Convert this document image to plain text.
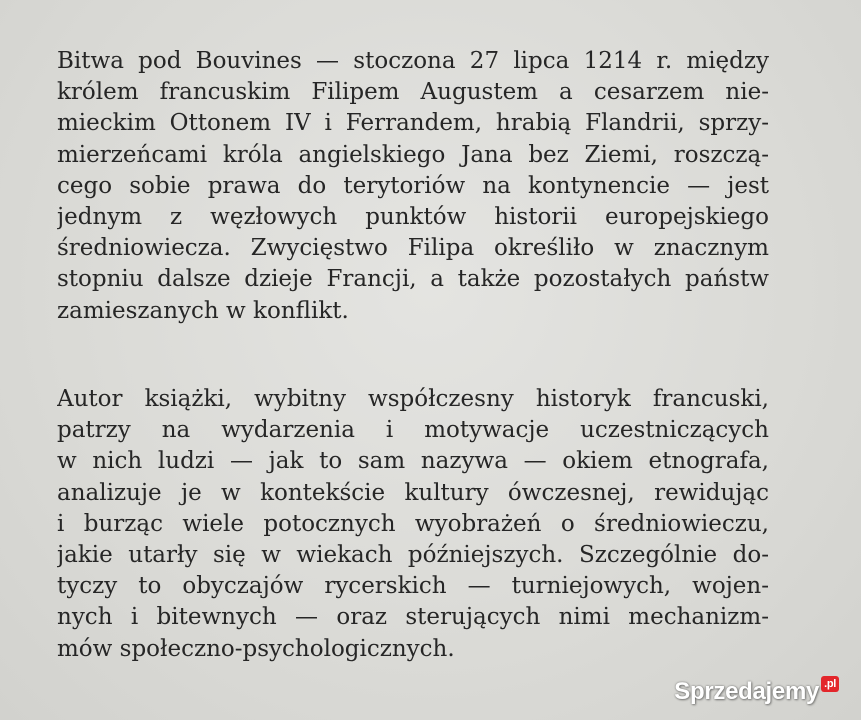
Bitwa pod Bouvines — stoczona 27 lipca 1214 r. między
królem francuskim Filipem Augustem a cesarzem nie-
mieckim Ottonem IV i Ferrandem, hrabią Flandrii, sprzy-
mierzeńcami króla angielskiego Jana bez Ziemi, roszczą-
cego sobie prawa do terytoriów na kontynencie — jest
jednym z węzłowych punktów historii europejskiego
średniowiecza. Zwycięstwo Filipa określiło w znacznym
stopniu dalsze dzieje Francji, a także pozostałych państw
zamieszanych w konflikt.

Autor książki, wybitny współczesny historyk francuski,
patrzy na wydarzenia i motywacje uczestniczących
w nich ludzi — jak to sam nazywa — okiem etnografa,
analizuje je w kontekście kultury ówczesnej, rewidując
i burząc wiele potocznych wyobrażeń o średniowieczu,
jakie utarły się w wiekach późniejszych. Szczególnie do-
tyczy to obyczajów rycerskich — turniejowych, wojen-
nych i bitewnych — oraz sterujących nimi mechanizm-
mów społeczno-psychologicznych.

Sprzedajemy .pl
